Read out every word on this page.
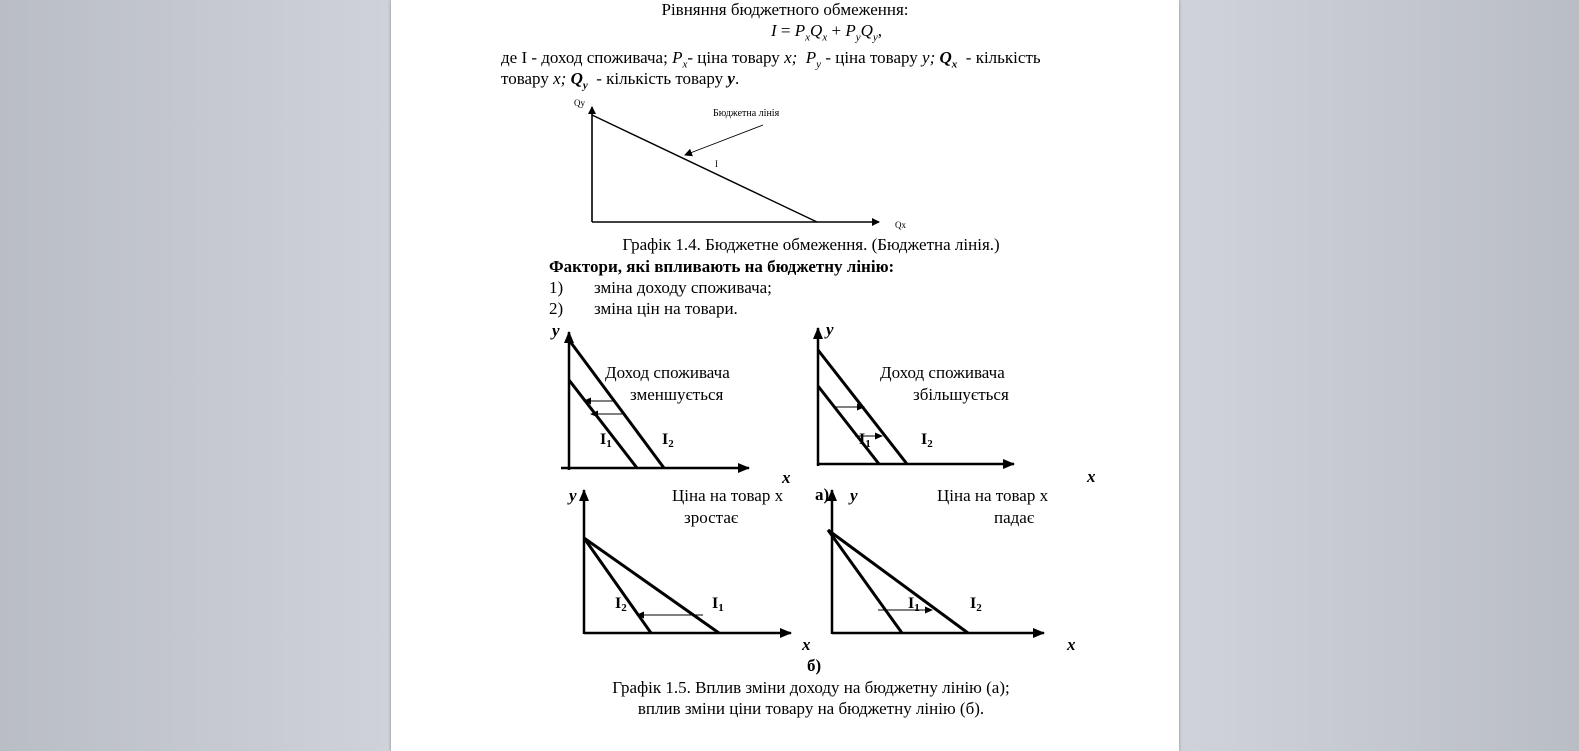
Рівняння бюджетного обмеження:
$I = P_xQ_x + P_yQ_y$,
де I - доход споживача; $P_x-$ ціна товару x; $P_y$ - ціна товару y; $Q_x$  - кількість
товару x; $Q_y$  - кількість товару y.
Qy
Qx
Бюджетна лінія
I
Графік 1.4. Бюджетне обмеження. (Бюджетна лінія.)
Фактори, які впливають на бюджетну лінію:
1) зміна доходу споживача;
2) зміна цін на товари.
y
x
Доход споживача
зменшується
I1	I2
y
x
Доход споживача
збільшується
I1	I2
а)
y
x
Ціна на товар x
зростає
I2	I1
y
x
Ціна на товар x
падає
I1	I2
б)
Графік 1.5. Вплив зміни доходу на бюджетну лінію (а);
вплив зміни ціни товару на бюджетну лінію (б).
